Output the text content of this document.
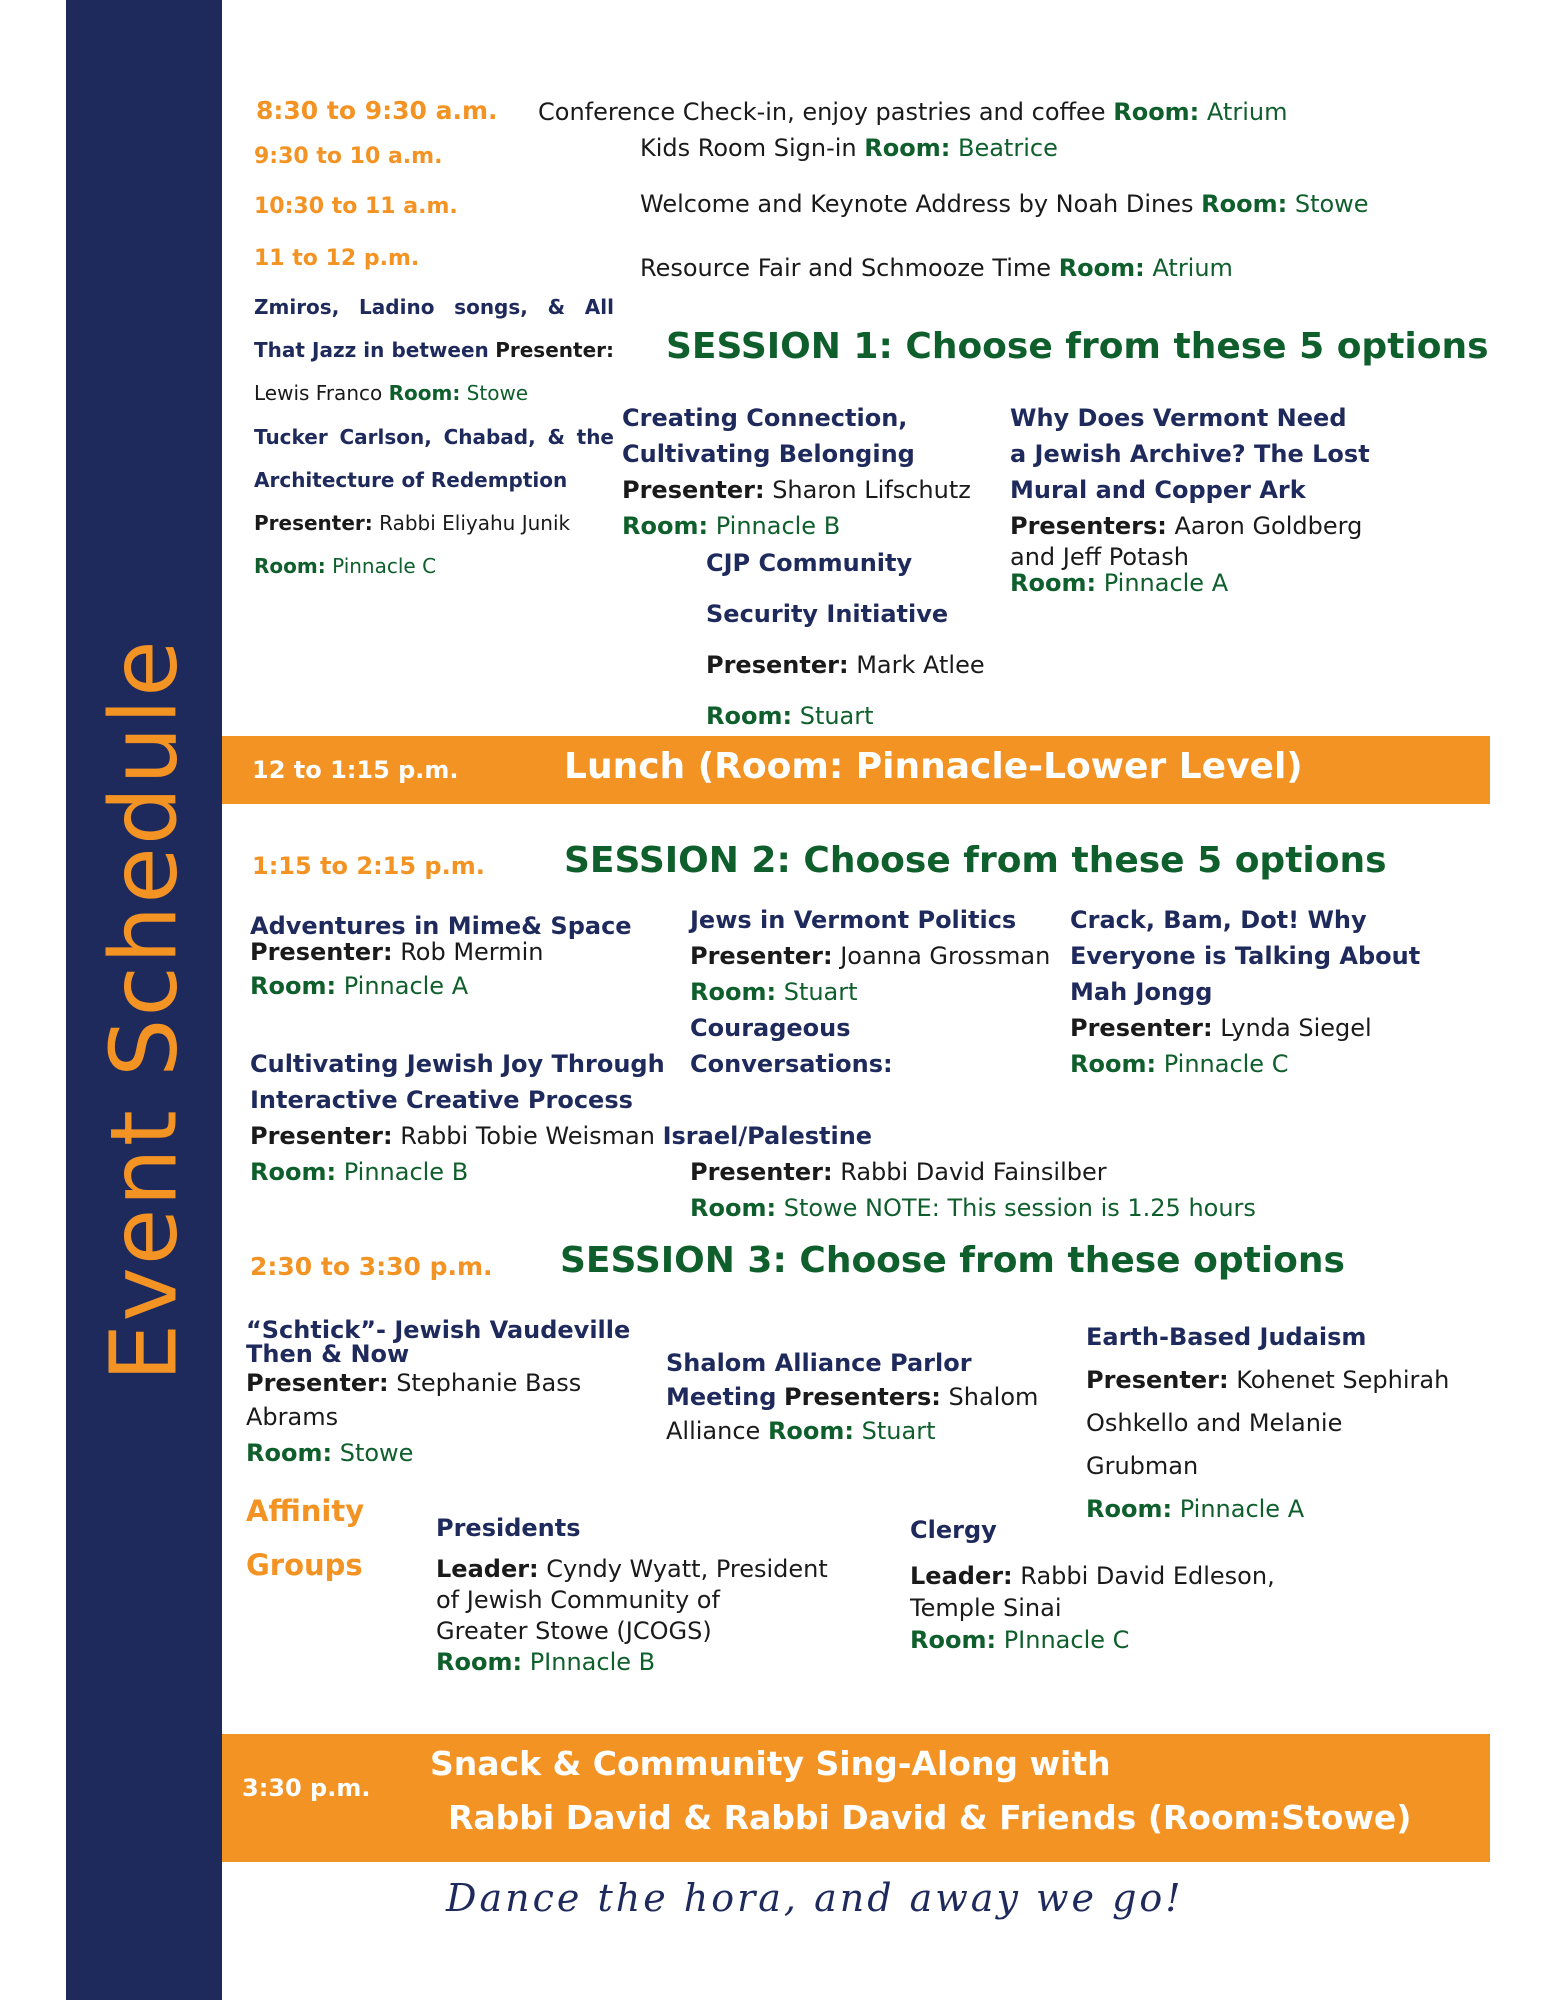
Event Schedule
8:30 to 9:30 a.m. Conference Check-in, enjoy pastries and coffee Room: Atrium
9:30 to 10 a.m.	Kids Room Sign-in Room: Beatrice
10:30 to 11 a.m.	Welcome and Keynote Address by Noah Dines Room: Stowe
11 to 12 p.m.	Resource Fair and Schmooze Time Room: Atrium
SESSION 1: Choose from these 5 options
Zmiros, Ladino songs, & All That Jazz in between Presenter: Lewis Franco Room: Stowe
Tucker Carlson, Chabad, & the Architecture of Redemption
Presenter: Rabbi Eliyahu Junik
Room: Pinnacle C
Creating Connection,
Cultivating Belonging
Presenter: Sharon Lifschutz
Room: Pinnacle B
CJP Community
Security Initiative
Presenter: Mark Atlee
Room: Stuart
Why Does Vermont Need
a Jewish Archive? The Lost
Mural and Copper Ark
Presenters: Aaron Goldberg
and Jeff Potash
Room: Pinnacle A
12 to 1:15 p.m.	Lunch (Room: Pinnacle-Lower Level)
1:15 to 2:15 p.m. SESSION 2: Choose from these 5 options
Adventures in Mime& Space
Presenter: Rob Mermin
Room: Pinnacle A
Cultivating Jewish Joy Through
Interactive Creative Process
Presenter: Rabbi Tobie Weisman Israel/Palestine
Room: Pinnacle B
Jews in Vermont Politics
Presenter: Joanna Grossman
Room: Stuart
Courageous
Conversations:
Presenter: Rabbi David Fainsilber
Room: Stowe NOTE: This session is 1.25 hours
Crack, Bam, Dot! Why
Everyone is Talking About
Mah Jongg
Presenter: Lynda Siegel
Room: Pinnacle C
2:30 to 3:30 p.m. SESSION 3: Choose from these options
“Schtick”- Jewish Vaudeville
Then & Now
Presenter: Stephanie Bass
Abrams
Room: Stowe
Shalom Alliance Parlor
Meeting Presenters: Shalom
Alliance Room: Stuart
Earth-Based Judaism
Presenter: Kohenet Sephirah
Oshkello and Melanie
Grubman
Room: Pinnacle A
Affinity
Groups
Presidents
Leader: Cyndy Wyatt, President
of Jewish Community of
Greater Stowe (JCOGS)
Room: PInnacle B
Clergy
Leader: Rabbi David Edleson,
Temple Sinai
Room: PInnacle C
3:30 p.m.
Snack & Community Sing-Along with
Rabbi David & Rabbi David & Friends (Room:Stowe)
Dance the hora, and away we go!
